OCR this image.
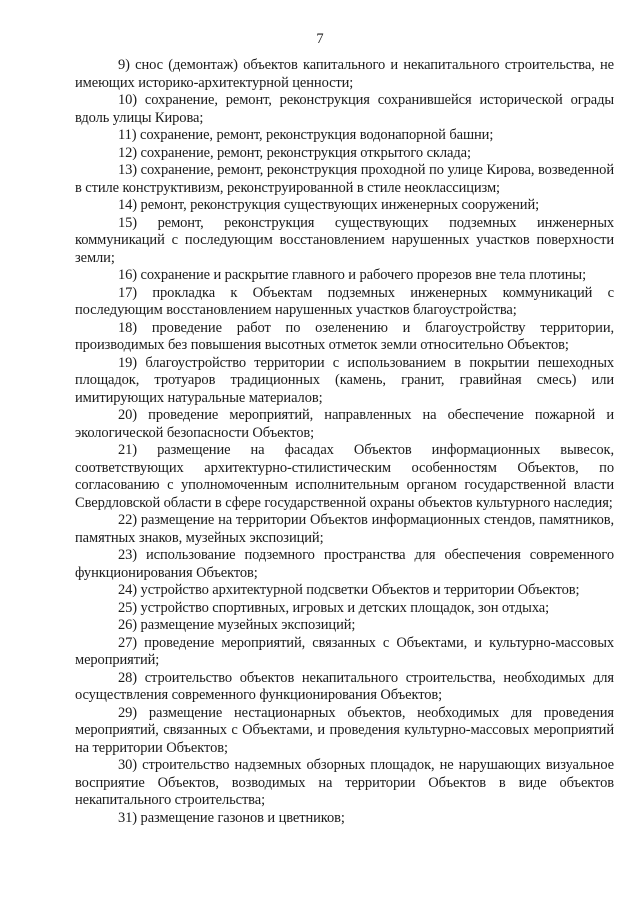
7

9) снос (демонтаж) объектов капитального и некапитального строительства, не имеющих историко-архитектурной ценности;

10) сохранение, ремонт, реконструкция сохранившейся исторической ограды вдоль улицы Кирова;

11) сохранение, ремонт, реконструкция водонапорной башни;

12) сохранение, ремонт, реконструкция открытого склада;

13) сохранение, ремонт, реконструкция проходной по улице Кирова, возведенной в стиле конструктивизм, реконструированной в стиле неоклассицизм;

14) ремонт, реконструкция существующих инженерных сооружений;

15) ремонт, реконструкция существующих подземных инженерных коммуникаций с последующим восстановлением нарушенных участков поверхности земли;

16) сохранение и раскрытие главного и рабочего прорезов вне тела плотины;

17) прокладка к Объектам подземных инженерных коммуникаций с последующим восстановлением нарушенных участков благоустройства;

18) проведение работ по озеленению и благоустройству территории, производимых без повышения высотных отметок земли относительно Объектов;

19) благоустройство территории с использованием в покрытии пешеходных площадок, тротуаров традиционных (камень, гранит, гравийная смесь) или имитирующих натуральные материалов;

20) проведение мероприятий, направленных на обеспечение пожарной и экологической безопасности Объектов;

21) размещение на фасадах Объектов информационных вывесок, соответствующих архитектурно-стилистическим особенностям Объектов, по согласованию с уполномоченным исполнительным органом государственной власти Свердловской области в сфере государственной охраны объектов культурного наследия;

22) размещение на территории Объектов информационных стендов, памятников, памятных знаков, музейных экспозиций;

23) использование подземного пространства для обеспечения современного функционирования Объектов;

24) устройство архитектурной подсветки Объектов и территории Объектов;

25) устройство спортивных, игровых и детских площадок, зон отдыха;

26) размещение музейных экспозиций;

27) проведение мероприятий, связанных с Объектами, и культурно-массовых мероприятий;

28) строительство объектов некапитального строительства, необходимых для осуществления современного функционирования Объектов;

29) размещение нестационарных объектов, необходимых для проведения мероприятий, связанных с Объектами, и проведения культурно-массовых мероприятий на территории Объектов;

30) строительство надземных обзорных площадок, не нарушающих визуальное восприятие Объектов, возводимых на территории Объектов в виде объектов некапитального строительства;

31) размещение газонов и цветников;
